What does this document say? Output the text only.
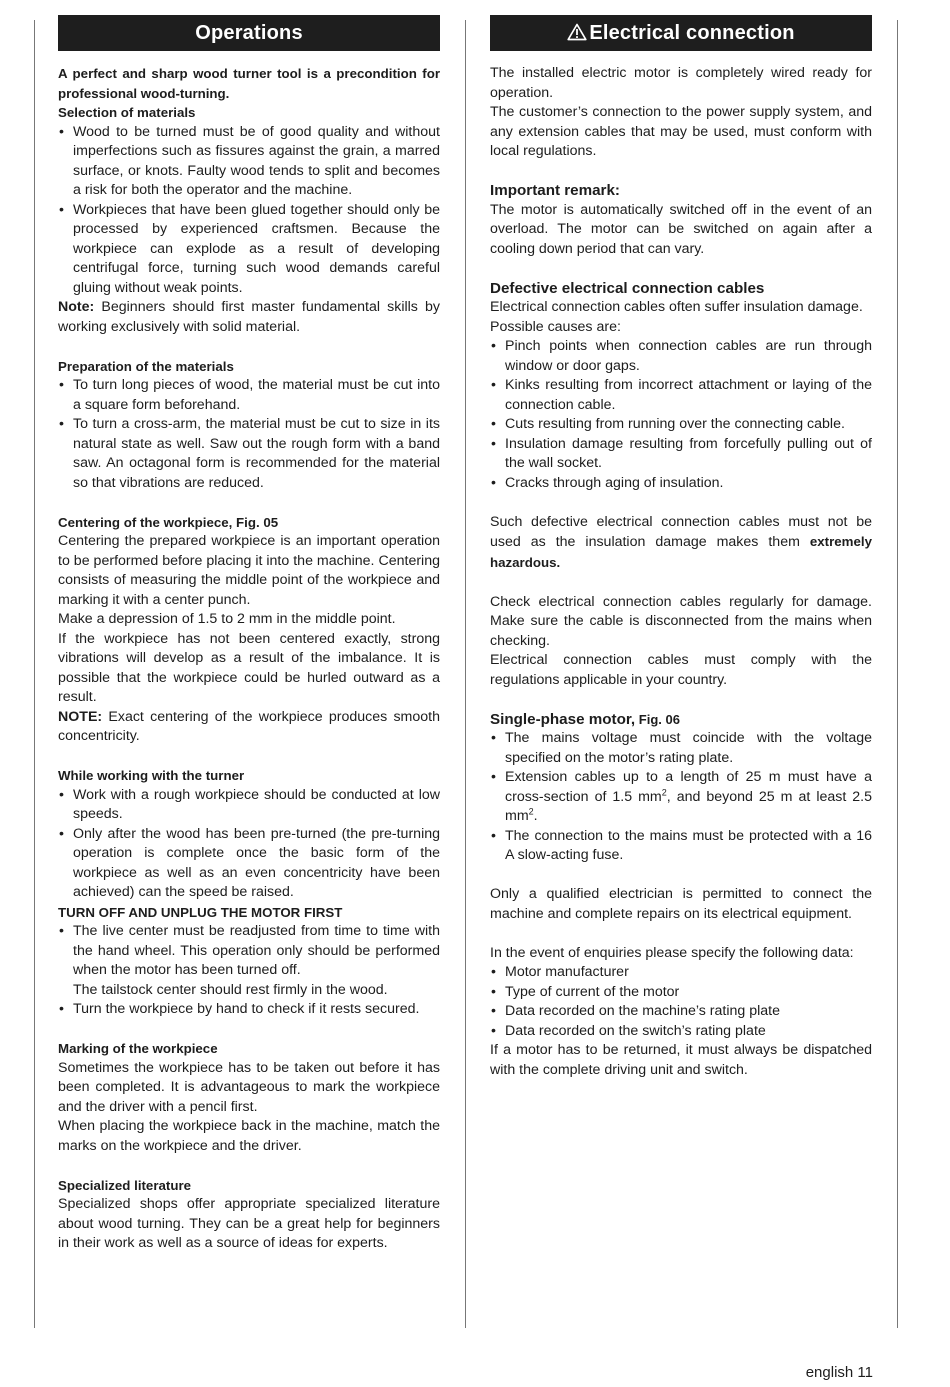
Operations

A perfect and sharp wood turner tool is a precondition for professional wood-turning.

Selection of materials

• Wood to be turned must be of good quality and without imperfections such as fissures against the grain, a marred surface, or knots. Faulty wood tends to split and becomes a risk for both the operator and the machine.
• Workpieces that have been glued together should only be processed by experienced craftsmen. Because the workpiece can explode as a result of developing centrifugal force, turning such wood demands careful gluing without weak points.

Note: Beginners should first master fundamental skills by working exclusively with solid material.

Preparation of the materials

• To turn long pieces of wood, the material must be cut into a square form beforehand.
• To turn a cross-arm, the material must be cut to size in its natural state as well. Saw out the rough form with a band saw. An octagonal form is recommended for the material so that vibrations are reduced.

Centering of the workpiece, Fig. 05

Centering the prepared workpiece is an important operation to be performed before placing it into the machine. Centering consists of measuring the middle point of the workpiece and marking it with a center punch.

Make a depression of 1.5 to 2 mm in the middle point.

If the workpiece has not been centered exactly, strong vibrations will develop as a result of the imbalance. It is possible that the workpiece could be hurled outward as a result.

NOTE: Exact centering of the workpiece produces smooth concentricity.

While working with the turner

• Work with a rough workpiece should be conducted at low speeds.
• Only after the wood has been pre-turned (the pre-turning operation is complete once the basic form of the workpiece as well as an even concentricity have been achieved) can the speed be raised.

TURN OFF AND UNPLUG THE MOTOR FIRST

• The live center must be readjusted from time to time with the hand wheel. This operation only should be performed when the motor has been turned off.

The tailstock center should rest firmly in the wood.

• Turn the workpiece by hand to check if it rests secured.

Marking of the workpiece

Sometimes the workpiece has to be taken out before it has been completed. It is advantageous to mark the workpiece and the driver with a pencil first.

When placing the workpiece back in the machine, match the marks on the workpiece and the driver.

Specialized literature

Specialized shops offer appropriate specialized literature about wood turning. They can be a great help for beginners in their work as well as a source of ideas for experts.

Electrical connection

The installed electric motor is completely wired ready for operation.

The customer’s connection to the power supply system, and any extension cables that may be used, must conform with local regulations.

Important remark:

The motor is automatically switched off in the event of an overload. The motor can be switched on again after a cooling down period that can vary.

Defective electrical connection cables

Electrical connection cables often suffer insulation damage.

Possible causes are:

• Pinch points when connection cables are run through window or door gaps.
• Kinks resulting from incorrect attachment or laying of the connection cable.
• Cuts resulting from running over the connecting cable.
• Insulation damage resulting from forcefully pulling out of the wall socket.
• Cracks through aging of insulation.

Such defective electrical connection cables must not be used as the insulation damage makes them extremely hazardous.

Check electrical connection cables regularly for damage. Make sure the cable is disconnected from the mains when checking.

Electrical connection cables must comply with the regulations applicable in your country.

Single-phase motor, Fig. 06

• The mains voltage must coincide with the voltage specified on the motor’s rating plate.
• Extension cables up to a length of 25 m must have a cross-section of 1.5 $mm^2$, and beyond 25 m at least 2.5 $mm^2$.
• The connection to the mains must be protected with a 16 A slow-acting fuse.

Only a qualified electrician is permitted to connect the machine and complete repairs on its electrical equipment.

In the event of enquiries please specify the following data:

• Motor manufacturer
• Type of current of the motor
• Data recorded on the machine’s rating plate
• Data recorded on the switch’s rating plate

If a motor has to be returned, it must always be dispatched with the complete driving unit and switch.

english 11
